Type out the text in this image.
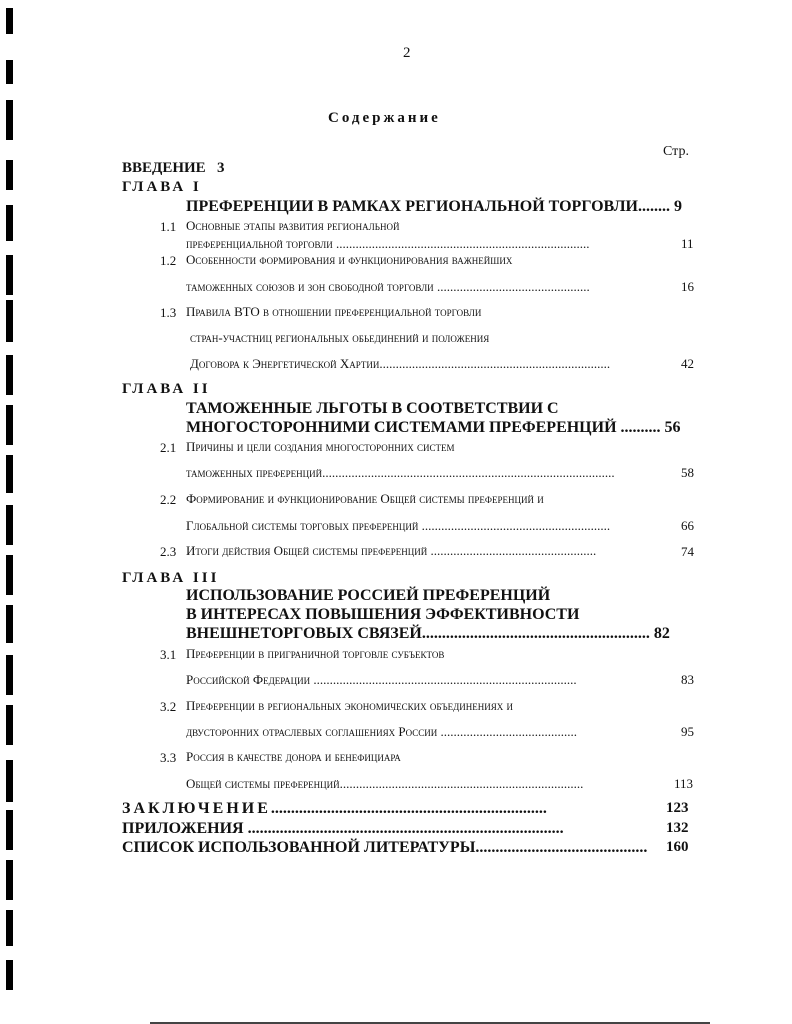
2
Содержание
Стр.
ВВЕДЕНИЕ 3
ГЛАВА I
ПРЕФЕРЕНЦИИ В РАМКАХ РЕГИОНАЛЬНОЙ ТОРГОВЛИ........ 9
1.1 Основные этапы развития региональной
преференциальной торговли ..............................................................................	11
1.2 Особенности формирования и функционирования важнейших
таможенных союзов и зон свободной торговли ...............................................	16
1.3 Правила ВТО в отношении преференциальной торговли
стран-участниц региональных обьединений и положения
Договора к Энергетической Хартии.......................................................................	42
ГЛАВА II
ТАМОЖЕННЫЕ ЛЬГОТЫ В СООТВЕТСТВИИ С
МНОГОСТОРОННИМИ СИСТЕМАМИ ПРЕФЕРЕНЦИЙ .......... 56
2.1 Причины и цели создания многосторонних систем
таможенных преференций..........................................................................................	58
2.2 Формирование и функционирование Общей системы преференций и
Глобальной системы торговых преференций ..........................................................	66
2.3 Итоги действия Общей системы преференций ...................................................	74
ГЛАВА III
ИСПОЛЬЗОВАНИЕ РОССИЕЙ ПРЕФЕРЕНЦИЙ
В ИНТЕРЕСАХ ПОВЫШЕНИЯ ЭФФЕКТИВНОСТИ
ВНЕШНЕТОРГОВЫХ СВЯЗЕЙ......................................................... 82
3.1 Преференции в приграничной торговле субъектов
Российской Федерации .................................................................................	83
3.2 Преференции в региональных экономических объединениях и
двусторонних отраслевых соглашениях России ..........................................	95
3.3 Россия в качестве донора и бенефициара
Общей системы преференций...........................................................................	113
ЗАКЛЮЧЕНИЕ.....................................................................	123
ПРИЛОЖЕНИЯ ...............................................................................	132
СПИСОК ИСПОЛЬЗОВАННОЙ ЛИТЕРАТУРЫ........................................... 160
